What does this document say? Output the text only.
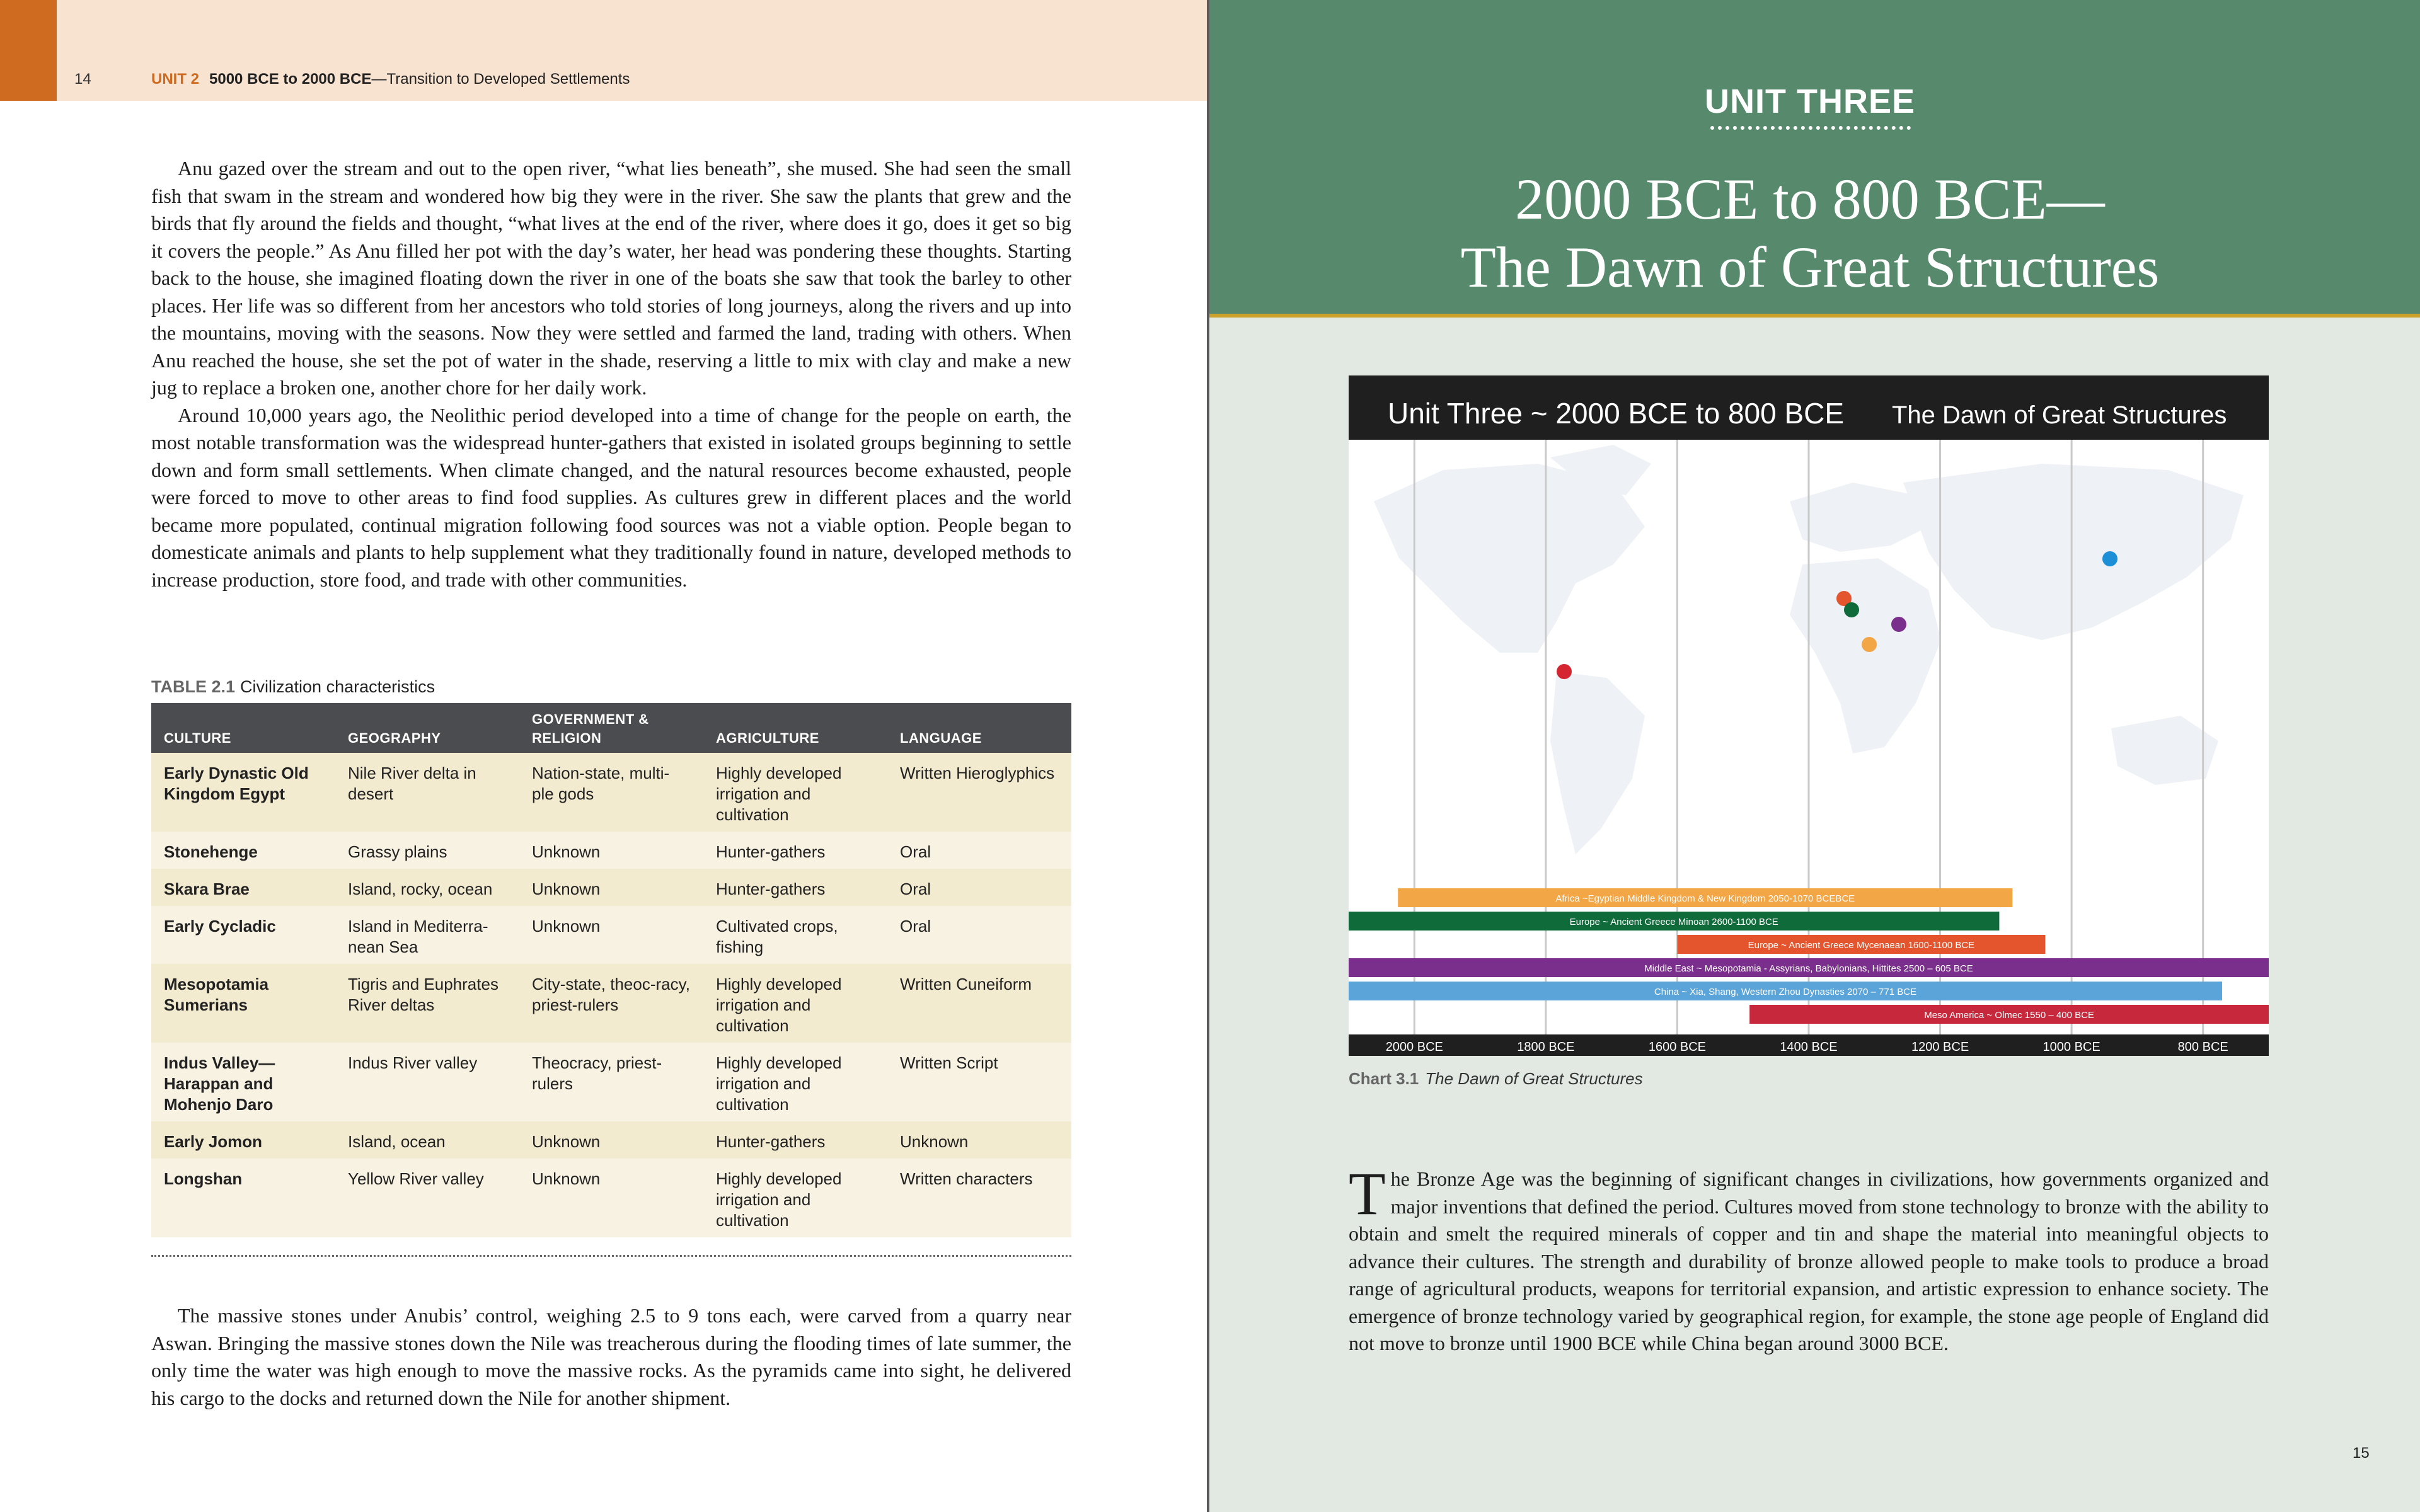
14	UNIT 2 5000 BCE to 2000 BCE—Transition to Developed Settlements

Anu gazed over the stream and out to the open river, “what lies beneath”, she mused. She had seen the small fish that swam in the stream and wondered how big they were in the river. She saw the plants that grew and the birds that fly around the fields and thought, “what lives at the end of the river, where does it go, does it get so big it covers the people.” As Anu filled her pot with the day’s water, her head was pondering these thoughts. Starting back to the house, she imagined floating down the river in one of the boats she saw that took the barley to other places. Her life was so different from her ancestors who told stories of long journeys, along the rivers and up into the mountains, moving with the seasons. Now they were settled and farmed the land, trading with others. When Anu reached the house, she set the pot of water in the shade, reserving a little to mix with clay and make a new jug to replace a broken one, another chore for her daily work.

Around 10,000 years ago, the Neolithic period developed into a time of change for the people on earth, the most notable transformation was the widespread hunter-gathers that existed in isolated groups beginning to settle down and form small settlements. When climate changed, and the natural resources become exhausted, people were forced to move to other areas to find food supplies. As cultures grew in different places and the world became more populated, continual migration following food sources was not a viable option. People began to domesticate animals and plants to help supplement what they traditionally found in nature, developed methods to increase production, store food, and trade with other communities.

TABLE 2.1 Civilization characteristics
CULTURE	GEOGRAPHY	GOVERNMENT & RELIGION	AGRICULTURE	LANGUAGE
Early Dynastic Old Kingdom Egypt	Nile River delta in desert	Nation-state, multi-ple gods	Highly developed irrigation and cultivation	Written Hieroglyphics
Stonehenge	Grassy plains	Unknown	Hunter-gathers	Oral
Skara Brae	Island, rocky, ocean	Unknown	Hunter-gathers	Oral
Early Cycladic	Island in Mediterra-nean Sea	Unknown	Cultivated crops, fishing	Oral
Mesopotamia Sumerians	Tigris and Euphrates River deltas	City-state, theoc-racy, priest-rulers	Highly developed irrigation and cultivation	Written Cuneiform
Indus Valley—Harappan and Mohenjo Daro	Indus River valley	Theocracy, priest-rulers	Highly developed irrigation and cultivation	Written Script
Early Jomon	Island, ocean	Unknown	Hunter-gathers	Unknown
Longshan	Yellow River valley	Unknown	Highly developed irrigation and cultivation	Written characters

The massive stones under Anubis’ control, weighing 2.5 to 9 tons each, were carved from a quarry near Aswan. Bringing the massive stones down the Nile was treacherous during the flooding times of late summer, the only time the water was high enough to move the massive rocks. As the pyramids came into sight, he delivered his cargo to the docks and returned down the Nile for another shipment.

UNIT THREE
2000 BCE to 800 BCE—
The Dawn of Great Structures
Unit Three ~ 2000 BCE to 800 BCE The Dawn of Great Structures
Africa ~Egyptian Middle Kingdom & New Kingdom 2050-1070 BCEBCE
Europe ~ Ancient Greece Minoan 2600-1100 BCE
Europe ~ Ancient Greece Mycenaean 1600-1100 BCE
Middle East ~ Mesopotamia - Assyrians, Babylonians, Hittites 2500 – 605 BCE
China ~ Xia, Shang, Western Zhou Dynasties 2070 – 771 BCE
Meso America ~ Olmec 1550 – 400 BCE
2000 BCE	1800 BCE	1600 BCE	1400 BCE	1200 BCE	1000 BCE	800 BCE
Chart 3.1 The Dawn of Great Structures
T he Bronze Age was the beginning of significant changes in civilizations, how governments organized and major inventions that defined the period. Cultures moved from stone technology to bronze with the ability to obtain and smelt the required minerals of copper and tin and shape the material into meaningful objects to advance their cultures. The strength and durability of bronze allowed people to make tools to produce a broad range of agricultural products, weapons for territorial expansion, and artistic expression to enhance society. The emergence of bronze technology varied by geographical region, for example, the stone age people of England did not move to bronze until 1900 BCE while China began around 3000 BCE.

15
